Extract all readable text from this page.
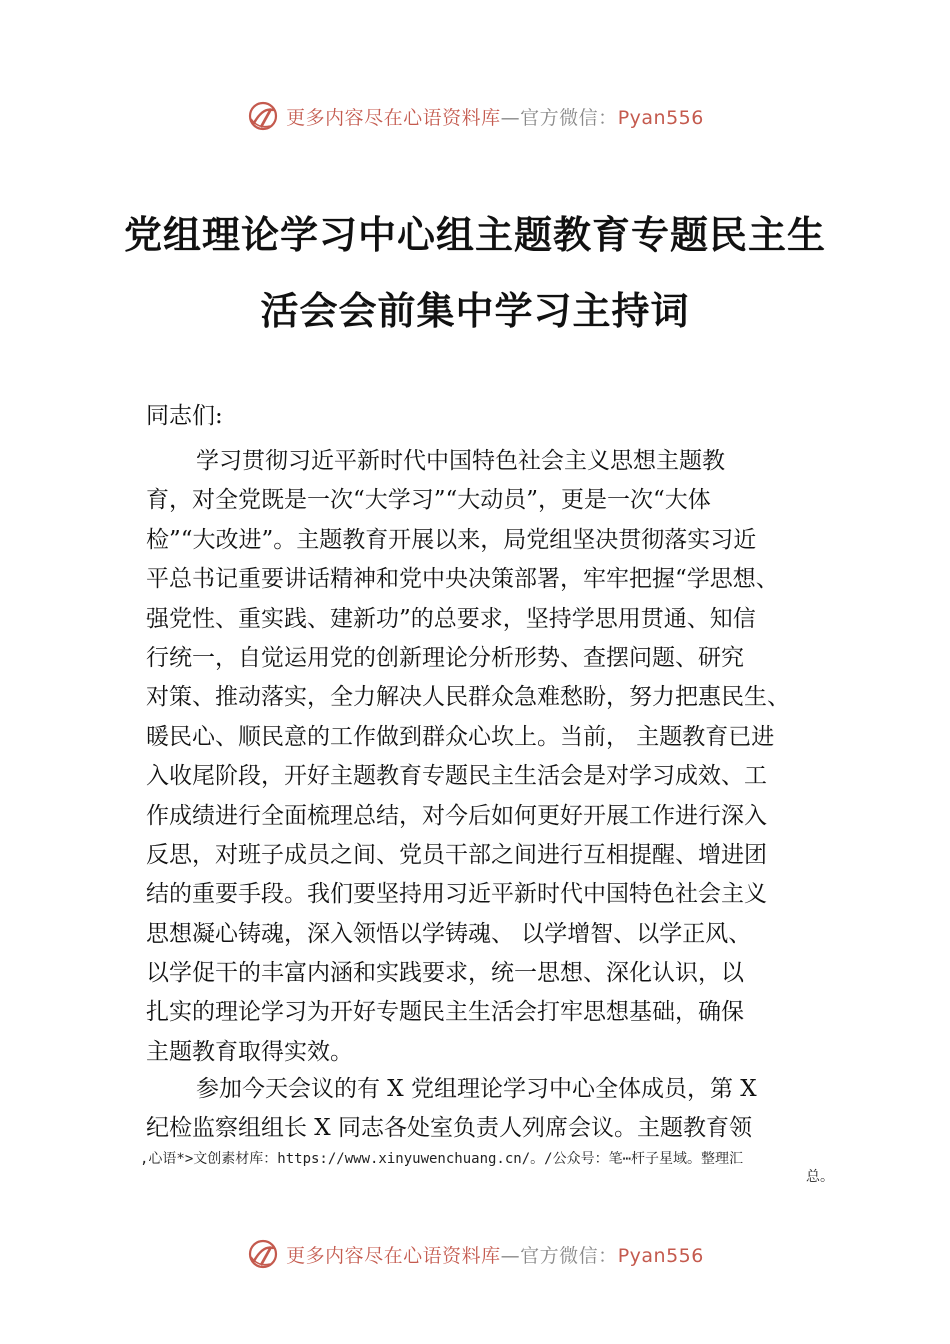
更多内容尽在心语资料库—官方微信：Pyan556
党组理论学习中心组主题教育专题民主生
活会会前集中学习主持词
同志们:
学习贯彻习近平新时代中国特色社会主义思想主题教
育，对全党既是一次“大学习”“大动员”，更是一次“大体
检”“大改进”。主题教育开展以来，局党组坚决贯彻落实习近
平总书记重要讲话精神和党中央决策部署，牢牢把握“学思想、
强党性、重实践、建新功”的总要求，坚持学思用贯通、知信
行统一，自觉运用党的创新理论分析形势、查摆问题、研究
对策、推动落实，全力解决人民群众急难愁盼，努力把惠民生、
暖民心、顺民意的工作做到群众心坎上。当前， 主题教育已进
入收尾阶段，开好主题教育专题民主生活会是对学习成效、工
作成绩进行全面梳理总结，对今后如何更好开展工作进行深入
反思，对班子成员之间、党员干部之间进行互相提醒、增进团
结的重要手段。我们要坚持用习近平新时代中国特色社会主义
思想凝心铸魂，深入领悟以学铸魂、 以学增智、以学正风、
以学促干的丰富内涵和实践要求，统一思想、深化认识，以
扎实的理论学习为开好专题民主生活会打牢思想基础，确保
主题教育取得实效。
参加今天会议的有 X 党组理论学习中心全体成员，第 X
纪检监察组组长 X 同志各处室负责人列席会议。主题教育领
,心语*>文创素材库：https://www.xinyuwenchuang.cn/。/公众号：笔⋯杆子星域。整理汇
总。
更多内容尽在心语资料库—官方微信：Pyan556
